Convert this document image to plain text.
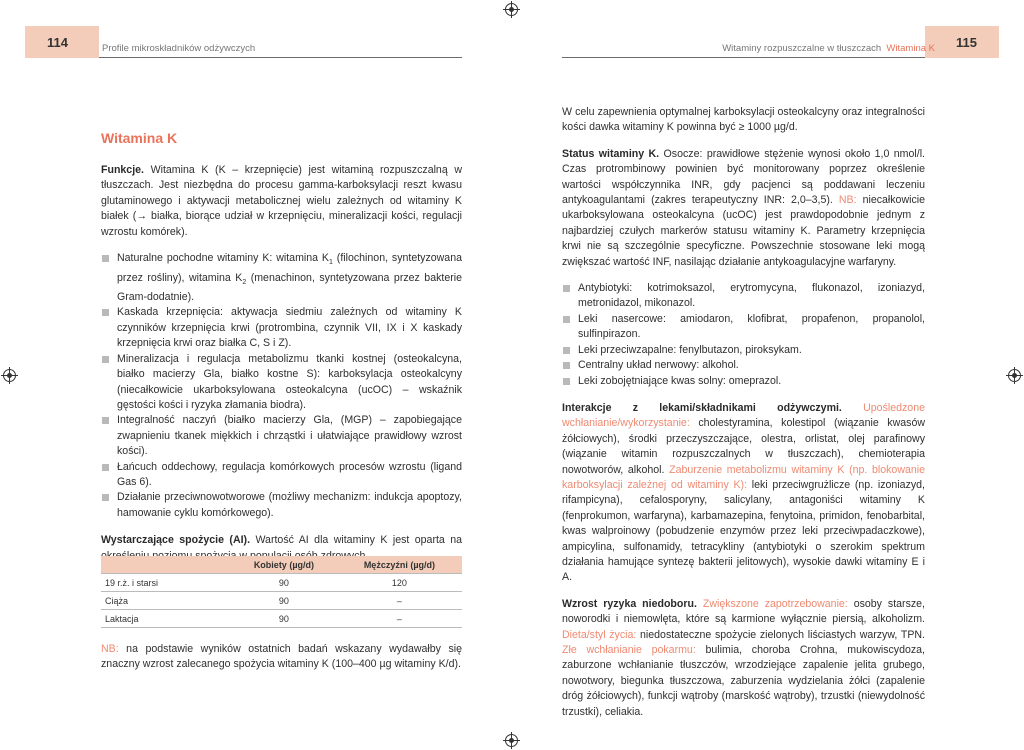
114	Profile mikroskładników odżywczych
Witamina K

Funkcje. Witamina K (K – krzepnięcie) jest witaminą rozpuszczalną w tłuszczach. Jest niezbędna do procesu gamma-karboksylacji reszt kwasu glutaminowego i aktywacji metabolicznej wielu zależnych od witaminy K białek (→ białka, biorące udział w krzepnięciu, mineralizacji kości, regulacji wzrostu komórek).

Naturalne pochodne witaminy K: witamina $K_1$ (filochinon, syntetyzowana przez rośliny), witamina $K_2$ (menachinon, syntetyzowana przez bakterie Gram-dodatnie).
Kaskada krzepnięcia: aktywacja siedmiu zależnych od witaminy K czynników krzepnięcia krwi (protrombina, czynnik VII, IX i X kaskady krzepnięcia krwi oraz białka C, S i Z).
Mineralizacja i regulacja metabolizmu tkanki kostnej (osteokalcyna, białko macierzy Gla, białko kostne S): karboksylacja osteokalcyny (niecałkowicie ukarboksylowana osteokalcyna (ucOC) – wskaźnik gęstości kości i ryzyka złamania biodra).
Integralność naczyń (białko macierzy Gla, (MGP) – zapobiegające zwapnieniu tkanek miękkich i chrząstki i ułatwiające prawidłowy wzrost kości).
Łańcuch oddechowy, regulacja komórkowych procesów wzrostu (ligand Gas 6).
Działanie przeciwnowotworowe (możliwy mechanizm: indukcja apoptozy, hamowanie cyklu komórkowego).

Wystarczające spożycie (AI). Wartość AI dla witaminy K jest oparta na

	Kobiety (µg/d)	Mężczyźni (µg/d)
19 r.ż. i starsi	90	120
Ciąża	90	–
Laktacja	90	–

NB: na podstawie wyników ostatnich badań wskazany wydawałby się znaczny wzrost zalecanego spożycia witaminy K (100–400 µg witaminy K/d).

115
Witaminy rozpuszczalne w tłuszczach Witamina K

W celu zapewnienia optymalnej karboksylacji osteokalcyny oraz integralności kości dawka witaminy K powinna być ≥ 1000 µg/d.

Status witaminy K. Osocze: prawidłowe stężenie wynosi około 1,0 nmol/l. Czas protrombinowy powinien być monitorowany poprzez określenie wartości współczynnika INR, gdy pacjenci są poddawani leczeniu antykoagulantami (zakres terapeutyczny INR: 2,0–3,5). NB: niecałkowicie ukarboksylowana osteokalcyna (ucOC) jest prawdopodobnie jednym z najbardziej czułych markerów statusu witaminy K. Parametry krzepnięcia krwi nie są szczególnie specyficzne. Powszechnie stosowane leki mogą zwiększać wartość INF, nasilając działanie antykoagulacyjne warfaryny.

Antybiotyki: kotrimoksazol, erytromycyna, flukonazol, izoniazyd, metronidazol, mikonazol.
Leki nasercowe: amiodaron, klofibrat, propafenon, propanolol, sulfinpirazon.
Leki przeciwzapalne: fenylbutazon, piroksykam.
Centralny układ nerwowy: alkohol.
Leki zobojętniające kwas solny: omeprazol.

Interakcje z lekami/składnikami odżywczymi. Upośledzone wchłanianie/wykorzystanie: cholestyramina, kolestipol (wiązanie kwasów żółciowych), środki przeczyszczające, olestra, orlistat, olej parafinowy (wiązanie witamin rozpuszczalnych w tłuszczach), chemioterapia nowotworów, alkohol. Zaburzenie metabolizmu witaminy K (np. blokowanie karboksylacji zależnej od witaminy K): leki przeciwgrużlicze (np. izoniazyd, rifampicyna), cefalosporyny, salicylany, antagoniści witaminy K (fenprokumon, warfaryna), karbamazepina, fenytoina, primidon, fenobarbital, kwas walproinowy (pobudzenie enzymów przez leki przeciwpadaczkowe), ampicylina, sulfonamidy, tetracykliny (antybiotyki o szerokim spektrum działania hamujące syntezę bakterii jelitowych), wysokie dawki witaminy E i A.

Wzrost ryzyka niedoboru. Zwiększone zapotrzebowanie: osoby starsze, noworodki i niemowlęta, które są karmione wyłącznie piersią, alkoholizm. Dieta/styl życia: niedostateczne spożycie zielonych liściastych warzyw, TPN. Złe wchłanianie pokarmu: bulimia, choroba Crohna, mukowiscydoza, zaburzone wchłanianie tłuszczów, wrzodziejące zapalenie jelita grubego, nowotwory, biegunka tłuszczowa, zaburzenia wydzielania żółci (zapalenie dróg żółciowych), funkcji wątroby (marskość wątroby), trzustki (niewydolność trzustki), celiakia.
